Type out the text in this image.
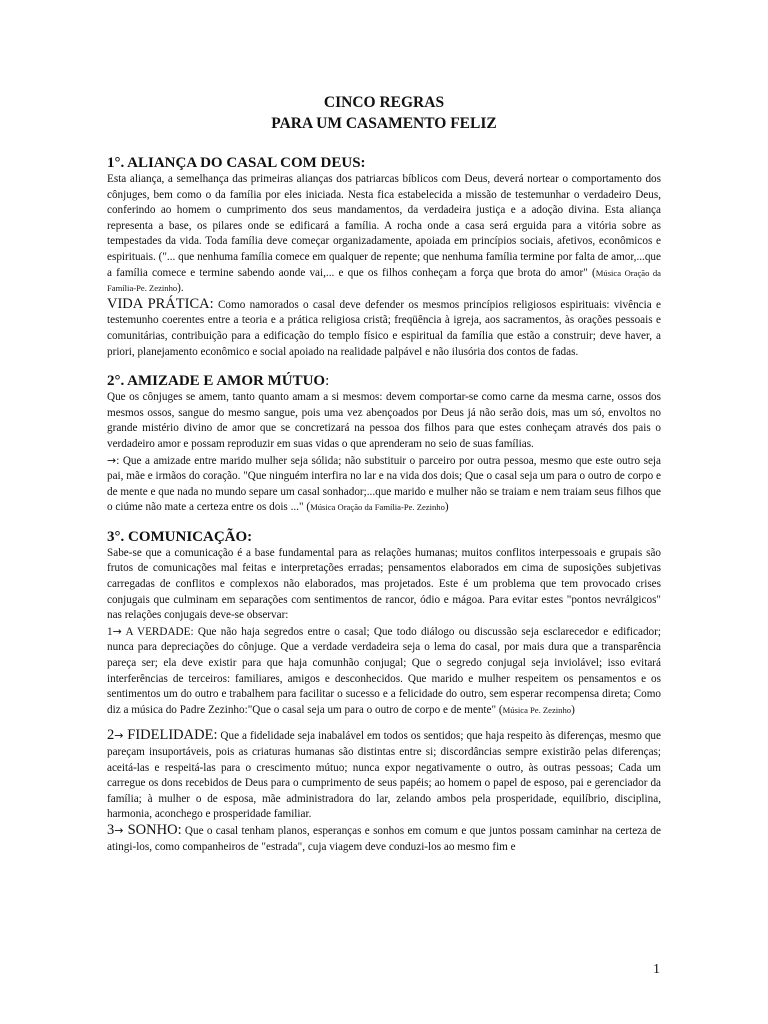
CINCO REGRAS

PARA UM CASAMENTO FELIZ

1°. ALIANÇA DO CASAL COM DEUS:

Esta aliança, a semelhança das primeiras alianças dos patriarcas bíblicos com Deus, deverá nortear o comportamento dos cônjuges, bem como o da família por eles iniciada. Nesta fica estabelecida a missão de testemunhar o verdadeiro Deus, conferindo ao homem o cumprimento dos seus mandamentos, da verdadeira justiça e a adoção divina. Esta aliança representa a base, os pilares onde se edificará a família. A rocha onde a casa será erguida para a vitória sobre as tempestades da vida. Toda família deve começar organizadamente, apoiada em princípios sociais, afetivos, econômicos e espirituais. ("... que nenhuma família comece em qualquer de repente; que nenhuma família termine por falta de amor,...que a família comece e termine sabendo aonde vai,... e que os filhos conheçam a força que brota do amor" (Música Oração da Família-Pe. Zezinho).

VIDA PRÁTICA: Como namorados o casal deve defender os mesmos princípios religiosos espirituais: vivência e testemunho coerentes entre a teoria e a prática religiosa cristã; freqüência à igreja, aos sacramentos, às orações pessoais e comunitárias, contribuição para a edificação do templo físico e espiritual da família que estão a construir; deve haver, a priori, planejamento econômico e social apoiado na realidade palpável e não ilusória dos contos de fadas.

2°. AMIZADE E AMOR MÚTUO:

Que os cônjuges se amem, tanto quanto amam a si mesmos: devem comportar-se como carne da mesma carne, ossos dos mesmos ossos, sangue do mesmo sangue, pois uma vez abençoados por Deus já não serão dois, mas um só, envoltos no grande mistério divino de amor que se concretizará na pessoa dos filhos para que estes conheçam através dos pais o verdadeiro amor e possam reproduzir em suas vidas o que aprenderam no seio de suas famílias.

→: Que a amizade entre marido mulher seja sólida; não substituir o parceiro por outra pessoa, mesmo que este outro seja pai, mãe e irmãos do coração. "Que ninguém interfira no lar e na vida dos dois; Que o casal seja um para o outro de corpo e de mente e que nada no mundo separe um casal sonhador;...que marido e mulher não se traiam e nem traiam seus filhos que o ciúme não mate a certeza entre os dois ..." (Música Oração da Família-Pe. Zezinho)

3°. COMUNICAÇÃO:

Sabe-se que a comunicação é a base fundamental para as relações humanas; muitos conflitos interpessoais e grupais são frutos de comunicações mal feitas e interpretações erradas; pensamentos elaborados em cima de suposições subjetivas carregadas de conflitos e complexos não elaborados, mas projetados. Este é um problema que tem provocado crises conjugais que culminam em separações com sentimentos de rancor, ódio e mágoa. Para evitar estes "pontos nevrálgicos" nas relações conjugais deve-se observar:

1→ A VERDADE: Que não haja segredos entre o casal; Que todo diálogo ou discussão seja esclarecedor e edificador; nunca para depreciações do cônjuge. Que a verdade verdadeira seja o lema do casal, por mais dura que a transparência pareça ser; ela deve existir para que haja comunhão conjugal; Que o segredo conjugal seja inviolável; isso evitará interferências de terceiros: familiares, amigos e desconhecidos. Que marido e mulher respeitem os pensamentos e os sentimentos um do outro e trabalhem para facilitar o sucesso e a felicidade do outro, sem esperar recompensa direta; Como diz a música do Padre Zezinho:"Que o casal seja um para o outro de corpo e de mente" (Música Pe. Zezinho)

2→ FIDELIDADE: Que a fidelidade seja inabalável em todos os sentidos; que haja respeito às diferenças, mesmo que pareçam insuportáveis, pois as criaturas humanas são distintas entre si; discordâncias sempre existirão pelas diferenças; aceitá-las e respeitá-las para o crescimento mútuo; nunca expor negativamente o outro, às outras pessoas; Cada um carregue os dons recebidos de Deus para o cumprimento de seus papéis; ao homem o papel de esposo, pai e gerenciador da família; à mulher o de esposa, mãe administradora do lar, zelando ambos pela prosperidade, equilíbrio, disciplina, harmonia, aconchego e prosperidade familiar.

3→ SONHO: Que o casal tenham planos, esperanças e sonhos em comum e que juntos possam caminhar na certeza de atingi-los, como companheiros de "estrada", cuja viagem deve conduzi-los ao mesmo fim e

1
